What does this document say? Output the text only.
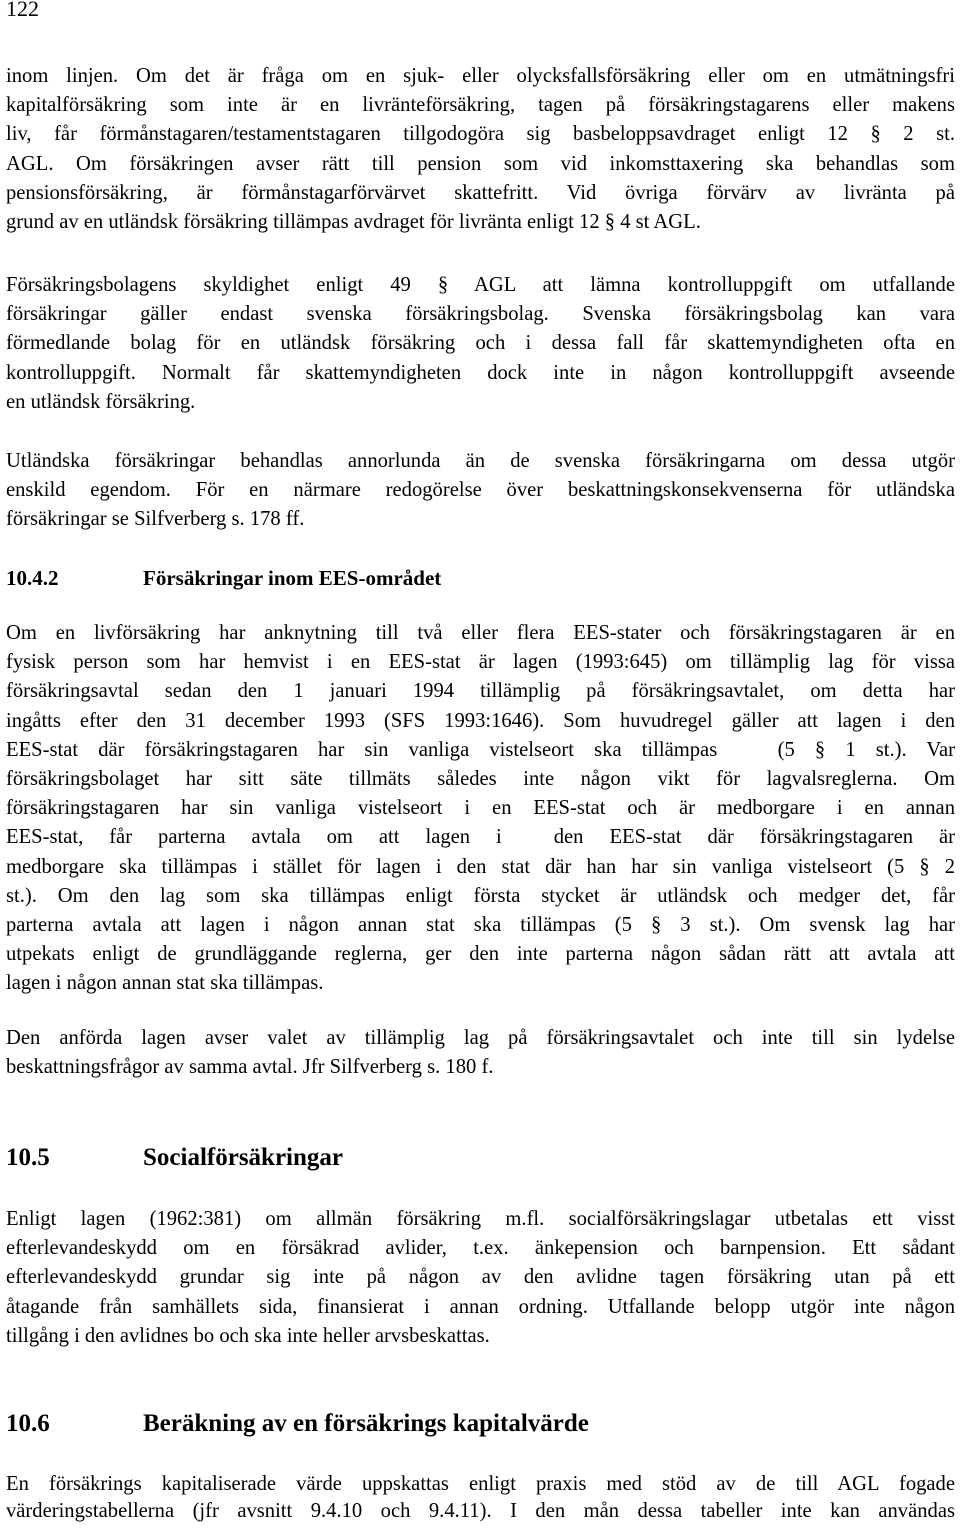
122
inom linjen. Om det är fråga om en sjuk- eller olycksfallsförsäkring eller om en utmätningsfri
kapitalförsäkring som inte är en livränteförsäkring, tagen på försäkringstagarens eller makens
liv, får förmånstagaren/testamentstagaren tillgodogöra sig basbeloppsavdraget enligt 12 § 2 st.
AGL. Om försäkringen avser rätt till pension som vid inkomsttaxering ska behandlas som
pensionsförsäkring, är förmånstagarförvärvet skattefritt. Vid övriga förvärv av livränta på
grund av en utländsk försäkring tillämpas avdraget för livränta enligt 12 § 4 st AGL.
Försäkringsbolagens skyldighet enligt 49 § AGL att lämna kontrolluppgift om utfallande
försäkringar gäller endast svenska försäkringsbolag. Svenska försäkringsbolag kan vara
förmedlande bolag för en utländsk försäkring och i dessa fall får skattemyndigheten ofta en
kontrolluppgift. Normalt får skattemyndigheten dock inte in någon kontrolluppgift avseende
en utländsk försäkring.
Utländska försäkringar behandlas annorlunda än de svenska försäkringarna om dessa utgör
enskild egendom. För en närmare redogörelse över beskattningskonsekvenserna för utländska
försäkringar se Silfverberg s. 178 ff.
10.4.2	Försäkringar inom EES-området
Om en livförsäkring har anknytning till två eller flera EES-stater och försäkringstagaren är en
fysisk person som har hemvist i en EES-stat är lagen (1993:645) om tillämplig lag för vissa
försäkringsavtal sedan den 1 januari 1994 tillämplig på försäkringsavtalet, om detta har
ingåtts efter den 31 december 1993 (SFS 1993:1646). Som huvudregel gäller att lagen i den
EES-stat där försäkringstagaren har sin vanliga vistelseort ska tillämpas   (5 § 1 st.). Var
försäkringsbolaget har sitt säte tillmäts således inte någon vikt för lagvalsreglerna. Om
försäkringstagaren har sin vanliga vistelseort i en EES-stat och är medborgare i en annan
EES-stat, får parterna avtala om att lagen i  den EES-stat där försäkringstagaren är
medborgare ska tillämpas i stället för lagen i den stat där han har sin vanliga vistelseort (5 § 2
st.). Om den lag som ska tillämpas enligt första stycket är utländsk och medger det, får
parterna avtala att lagen i någon annan stat ska tillämpas (5 § 3 st.). Om svensk lag har
utpekats enligt de grundläggande reglerna, ger den inte parterna någon sådan rätt att avtala att
lagen i någon annan stat ska tillämpas.
Den anförda lagen avser valet av tillämplig lag på försäkringsavtalet och inte till sin lydelse
beskattningsfrågor av samma avtal. Jfr Silfverberg s. 180 f.
10.5	Socialförsäkringar
Enligt lagen (1962:381) om allmän försäkring m.fl. socialförsäkringslagar utbetalas ett visst
efterlevandeskydd om en försäkrad avlider, t.ex. änkepension och barnpension. Ett sådant
efterlevandeskydd grundar sig inte på någon av den avlidne tagen försäkring utan på ett
åtagande från samhällets sida, finansierat i annan ordning. Utfallande belopp utgör inte någon
tillgång i den avlidnes bo och ska inte heller arvsbeskattas.
10.6	Beräkning av en försäkrings kapitalvärde
En försäkrings kapitaliserade värde uppskattas enligt praxis med stöd av de till AGL fogade
värderingstabellerna (jfr avsnitt 9.4.10 och 9.4.11). I den mån dessa tabeller inte kan användas
